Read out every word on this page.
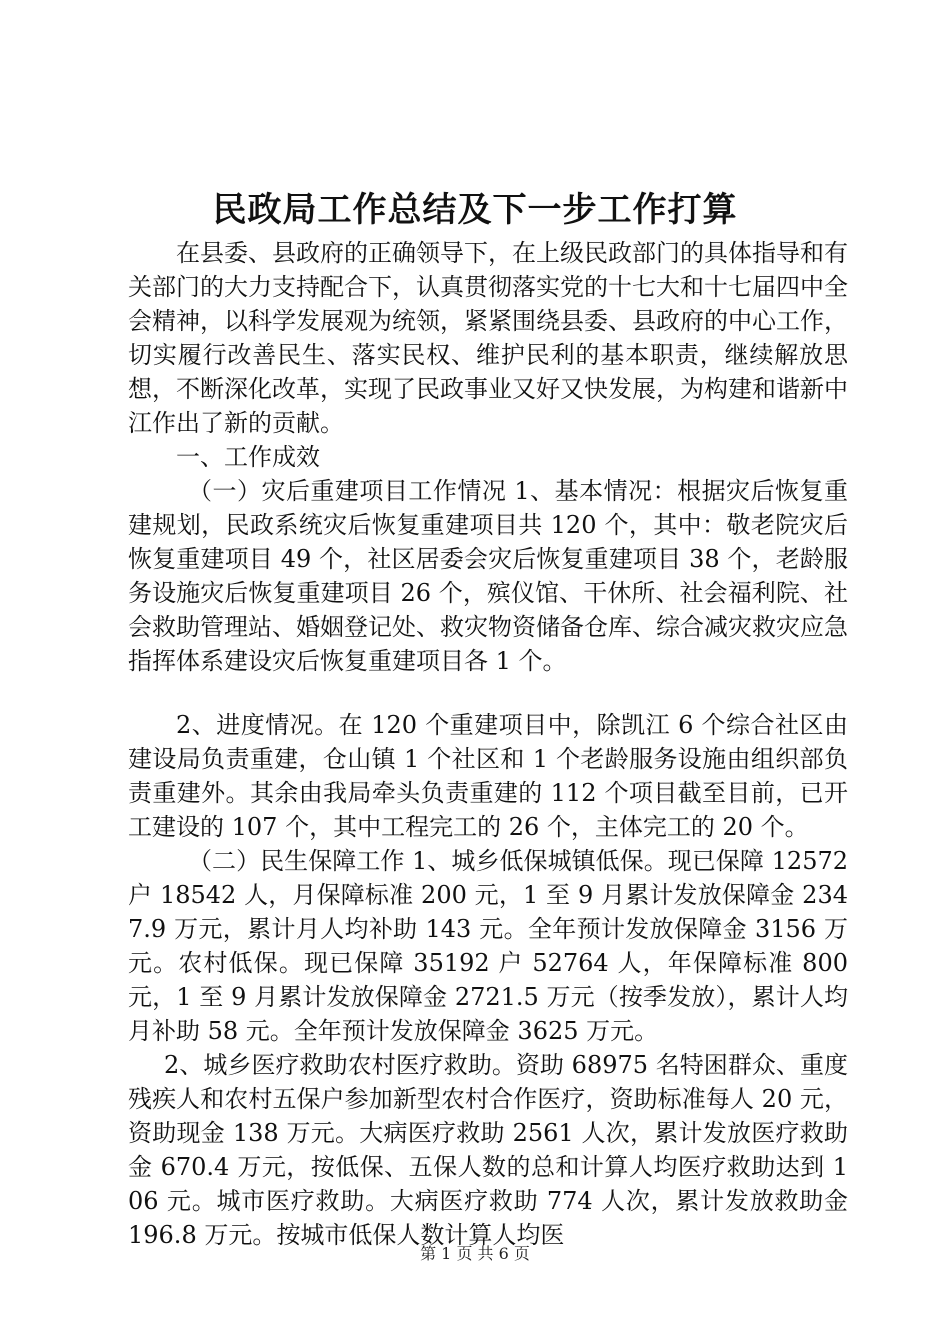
民政局工作总结及下一步工作打算

在县委、县政府的正确领导下，在上级民政部门的具体指导和有关部门的大力支持配合下，认真贯彻落实党的十七大和十七届四中全会精神，以科学发展观为统领，紧紧围绕县委、县政府的中心工作，切实履行改善民生、落实民权、维护民利的基本职责，继续解放思想，不断深化改革，实现了民政事业又好又快发展，为构建和谐新中江作出了新的贡献。

一、工作成效

（一）灾后重建项目工作情况 1、基本情况：根据灾后恢复重建规划，民政系统灾后恢复重建项目共 120 个，其中：敬老院灾后恢复重建项目 49 个，社区居委会灾后恢复重建项目 38 个，老龄服务设施灾后恢复重建项目 26 个，殡仪馆、干休所、社会福利院、社会救助管理站、婚姻登记处、救灾物资储备仓库、综合减灾救灾应急指挥体系建设灾后恢复重建项目各 1 个。

2、进度情况。在 120 个重建项目中，除凯江 6 个综合社区由建设局负责重建，仓山镇 1 个社区和 1 个老龄服务设施由组织部负责重建外。其余由我局牵头负责重建的 112 个项目截至目前，已开工建设的 107 个，其中工程完工的 26 个，主体完工的 20 个。

（二）民生保障工作 1、城乡低保城镇低保。现已保障 12572 户 18542 人，月保障标准 200 元，1 至 9 月累计发放保障金 2347.9 万元，累计月人均补助 143 元。全年预计发放保障金 3156 万元。农村低保。现已保障 35192 户 52764 人，年保障标准 800 元，1 至 9 月累计发放保障金 2721.5 万元（按季发放），累计人均月补助 58 元。全年预计发放保障金 3625 万元。

2、城乡医疗救助农村医疗救助。资助 68975 名特困群众、重度残疾人和农村五保户参加新型农村合作医疗，资助标准每人 20 元，资助现金 138 万元。大病医疗救助 2561 人次，累计发放医疗救助金 670.4 万元，按低保、五保人数的总和计算人均医疗救助达到 106 元。城市医疗救助。大病医疗救助 774 人次，累计发放救助金 196.8 万元。按城市低保人数计算人均医

第 1 页 共 6 页
